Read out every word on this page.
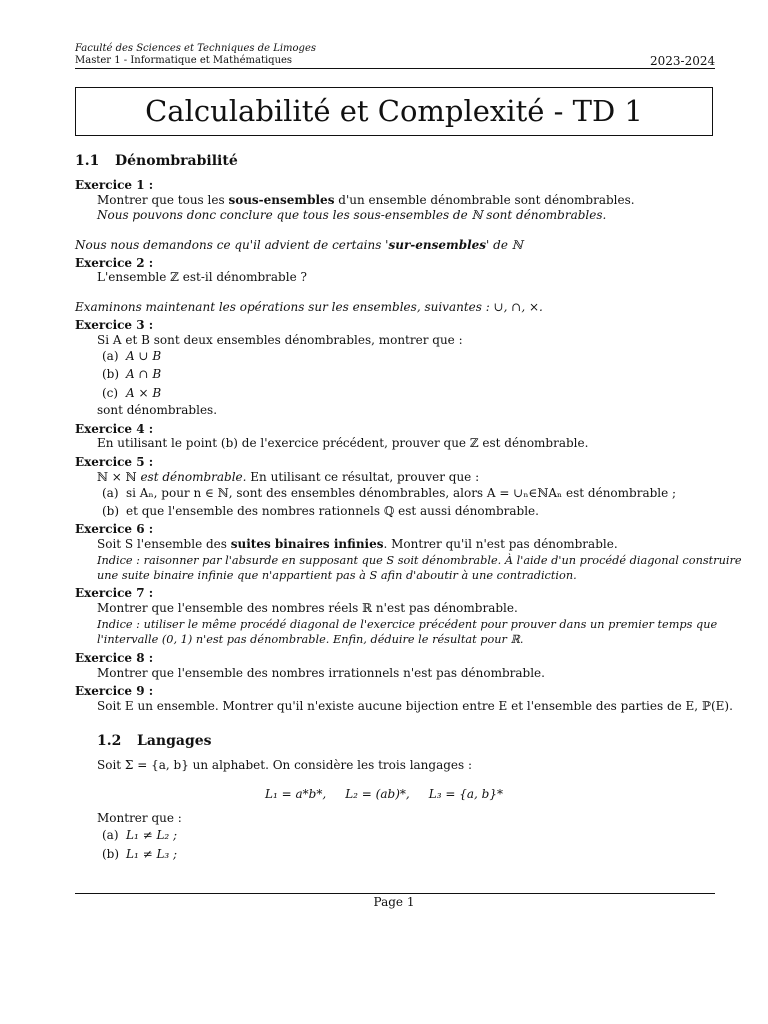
Faculté des Sciences et Techniques de Limoges
Master 1 - Informatique et Mathématiques	2023-2024
Calculabilité et Complexité - TD 1
1.1 Dénombrabilité
Exercice 1 :
Montrer que tous les sous-ensembles d'un ensemble dénombrable sont dénombrables.
Nous pouvons donc conclure que tous les sous-ensembles de ℕ sont dénombrables.
Nous nous demandons ce qu'il advient de certains 'sur-ensembles' de ℕ
Exercice 2 :
L'ensemble ℤ est-il dénombrable ?
Examinons maintenant les opérations sur les ensembles, suivantes : ∪, ∩, ×.
Exercice 3 :
Si A et B sont deux ensembles dénombrables, montrer que :
(a) A ∪ B
(b) A ∩ B
(c) A × B
sont dénombrables.
Exercice 4 :
En utilisant le point (b) de l'exercice précédent, prouver que ℤ est dénombrable.
Exercice 5 :
ℕ × ℕ est dénombrable. En utilisant ce résultat, prouver que :
(a) si Aₙ, pour n ∈ ℕ, sont des ensembles dénombrables, alors A = ∪ₙ∈ℕAₙ est dénombrable ;
(b) et que l'ensemble des nombres rationnels ℚ est aussi dénombrable.
Exercice 6 :
Soit S l'ensemble des suites binaires infinies. Montrer qu'il n'est pas dénombrable.
Indice : raisonner par l'absurde en supposant que S soit dénombrable. À l'aide d'un procédé diagonal construire
une suite binaire infinie que n'appartient pas à S afin d'aboutir à une contradiction.
Exercice 7 :
Montrer que l'ensemble des nombres réels ℝ n'est pas dénombrable.
Indice : utiliser le même procédé diagonal de l'exercice précédent pour prouver dans un premier temps que
l'intervalle (0, 1) n'est pas dénombrable. Enfin, déduire le résultat pour ℝ.
Exercice 8 :
Montrer que l'ensemble des nombres irrationnels n'est pas dénombrable.
Exercice 9 :
Soit E un ensemble. Montrer qu'il n'existe aucune bijection entre E et l'ensemble des parties de E, ℙ(E).
1.2 Langages
Soit Σ = {a, b} un alphabet. On considère les trois langages :
L₁ = a*b*,     L₂ = (ab)*,     L₃ = {a, b}*
Montrer que :
(a) L₁ ≠ L₂ ;
(b) L₁ ≠ L₃ ;
Page 1
